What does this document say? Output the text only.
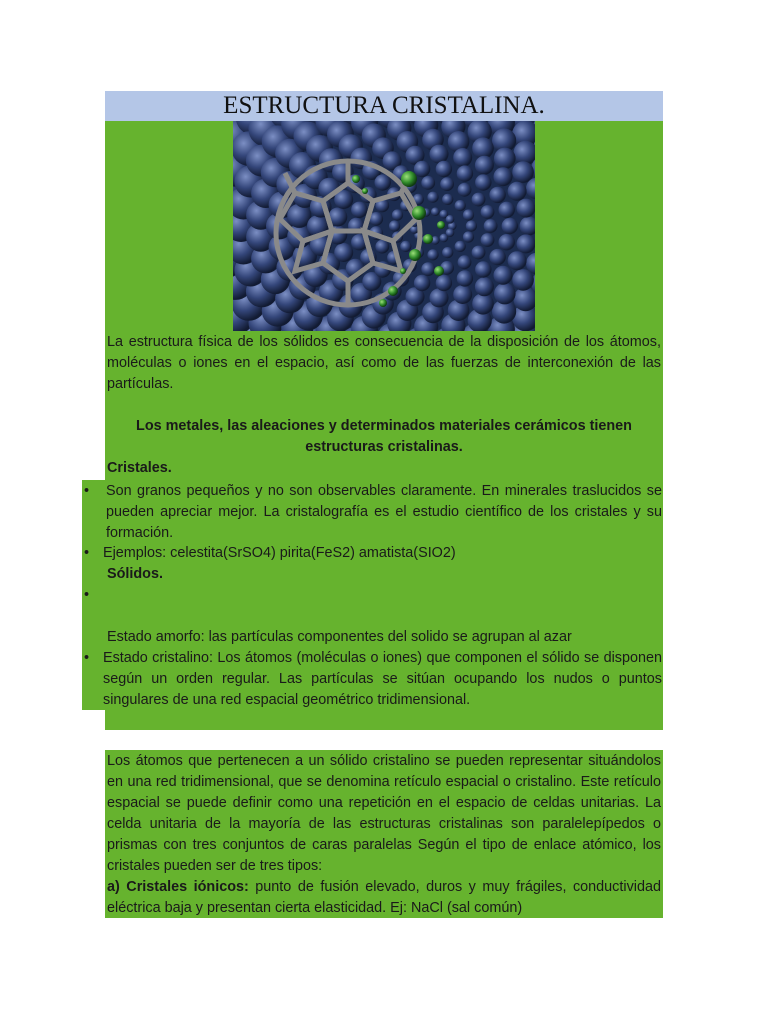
ESTRUCTURA CRISTALINA.
La estructura física de los sólidos es consecuencia de la disposición de los átomos, moléculas o iones en el espacio, así como de las fuerzas de interconexión de las partículas.
Los metales, las aleaciones y determinados materiales cerámicos tienen estructuras cristalinas.
Cristales.
• Son granos pequeños y no son observables claramente. En minerales traslucidos se pueden apreciar mejor. La cristalografía es el estudio científico de los cristales y su formación.
• Ejemplos: celestita(SrSO4) pirita(FeS2) amatista(SIO2)
Sólidos.
•
Estado amorfo: las partículas componentes del solido se agrupan al azar
• Estado cristalino: Los átomos (moléculas o iones) que componen el sólido se disponen según un orden regular. Las partículas se sitúan ocupando los nudos o puntos singulares de una red espacial geométrico tridimensional.
Los átomos que pertenecen a un sólido cristalino se pueden representar situándolos en una red tridimensional, que se denomina retículo espacial o cristalino. Este retículo espacial se puede definir como una repetición en el espacio de celdas unitarias. La celda unitaria de la mayoría de las estructuras cristalinas son paralelepípedos o prismas con tres conjuntos de caras paralelas Según el tipo de enlace atómico, los cristales pueden ser de tres tipos:
a) Cristales iónicos: punto de fusión elevado, duros y muy frágiles, conductividad eléctrica baja y presentan cierta elasticidad. Ej: NaCl (sal común)
